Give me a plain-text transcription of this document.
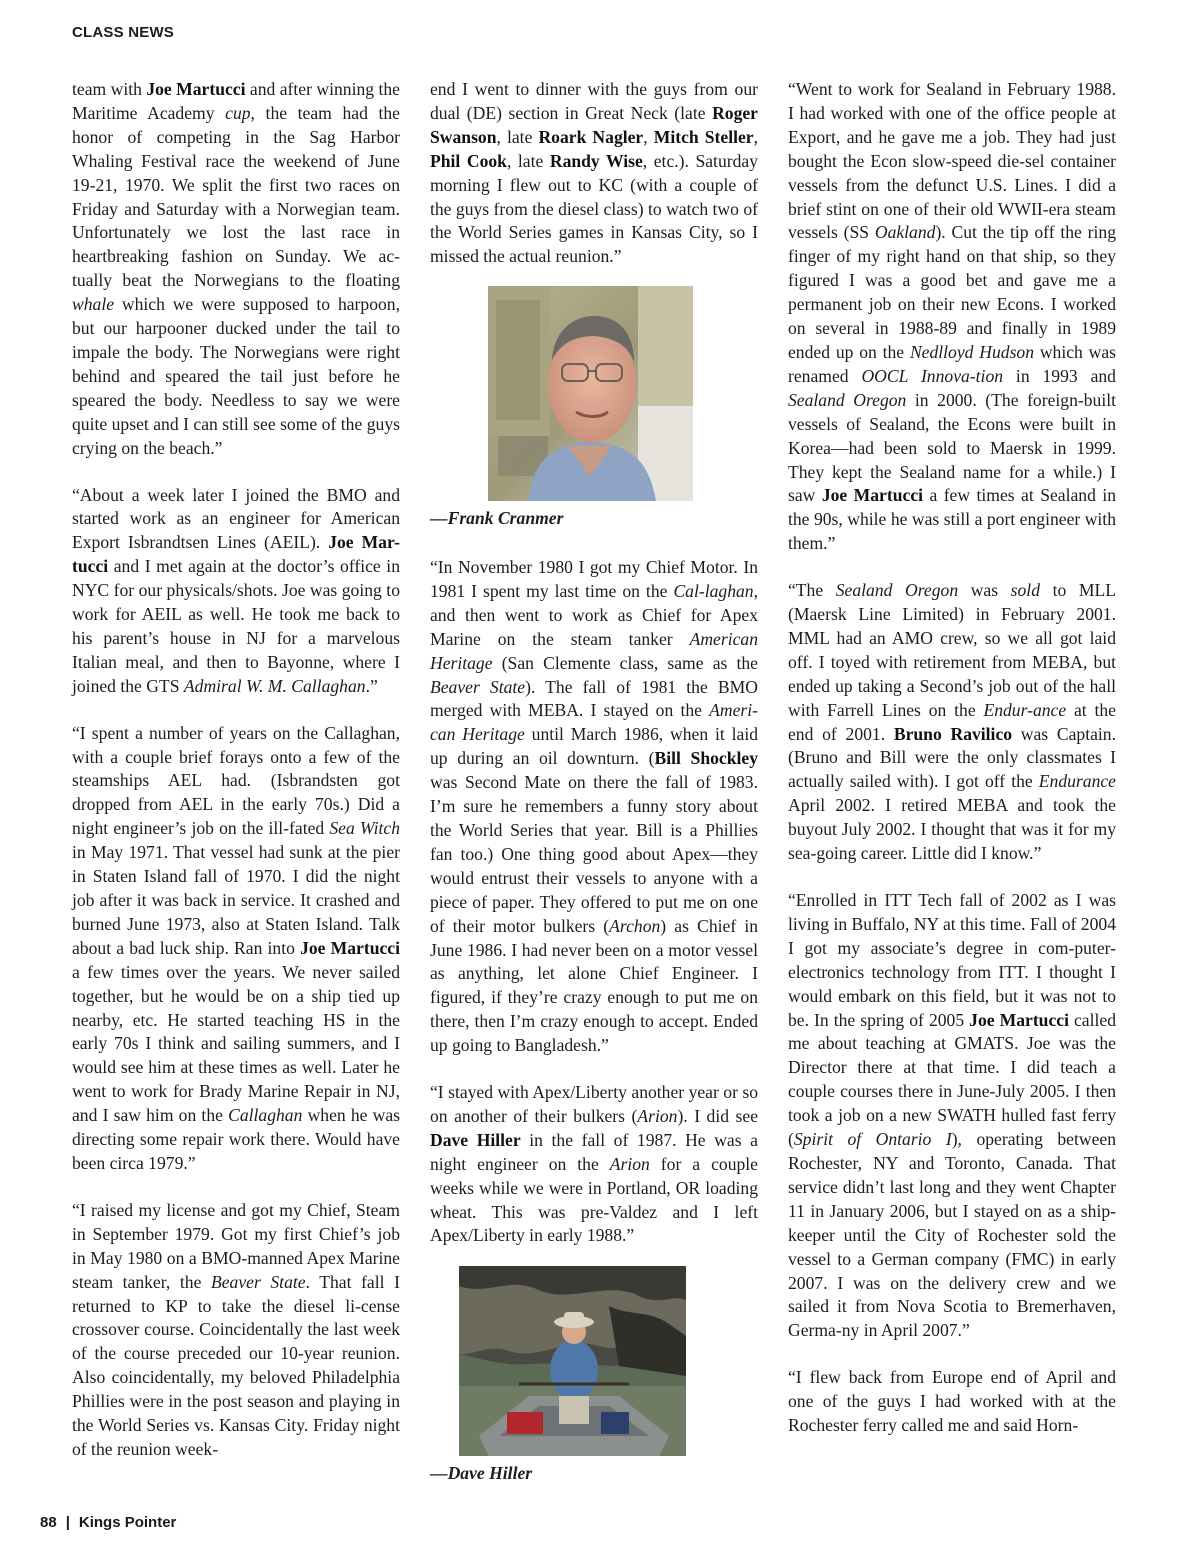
CLASS NEWS

team with Joe Martucci and after winning the Maritime Academy cup, the team had the honor of competing in the Sag Harbor Whaling Festival race the weekend of June 19-21, 1970. We split the first two races on Friday and Saturday with a Norwegian team. Unfortunately we lost the last race in heartbreaking fashion on Sunday. We ac-tually beat the Norwegians to the floating whale which we were supposed to harpoon, but our harpooner ducked under the tail to impale the body. The Norwegians were right behind and speared the tail just before he speared the body. Needless to say we were quite upset and I can still see some of the guys crying on the beach.”

“About a week later I joined the BMO and started work as an engineer for American Export Isbrandtsen Lines (AEIL). Joe Mar-tucci and I met again at the doctor’s office in NYC for our physicals/shots. Joe was going to work for AEIL as well. He took me back to his parent’s house in NJ for a marvelous Italian meal, and then to Bayonne, where I joined the GTS Admiral W. M. Callaghan.”

“I spent a number of years on the Callaghan, with a couple brief forays onto a few of the steamships AEL had. (Isbrandsten got dropped from AEL in the early 70s.) Did a night engineer’s job on the ill-fated Sea Witch in May 1971. That vessel had sunk at the pier in Staten Island fall of 1970. I did the night job after it was back in service. It crashed and burned June 1973, also at Staten Island. Talk about a bad luck ship. Ran into Joe Martucci a few times over the years. We never sailed together, but he would be on a ship tied up nearby, etc. He started teaching HS in the early 70s I think and sailing summers, and I would see him at these times as well. Later he went to work for Brady Marine Repair in NJ, and I saw him on the Callaghan when he was directing some repair work there. Would have been circa 1979.”

“I raised my license and got my Chief, Steam in September 1979. Got my first Chief’s job in May 1980 on a BMO-manned Apex Marine steam tanker, the Beaver State. That fall I returned to KP to take the diesel li-cense crossover course. Coincidentally the last week of the course preceded our 10-year reunion. Also coincidentally, my beloved Philadelphia Phillies were in the post season and playing in the World Series vs. Kansas City. Friday night of the reunion week-

end I went to dinner with the guys from our dual (DE) section in Great Neck (late Roger Swanson, late Roark Nagler, Mitch Steller, Phil Cook, late Randy Wise, etc.). Saturday morning I flew out to KC (with a couple of the guys from the diesel class) to watch two of the World Series games in Kansas City, so I missed the actual reunion.”

—Frank Cranmer

“In November 1980 I got my Chief Motor. In 1981 I spent my last time on the Cal-laghan, and then went to work as Chief for Apex Marine on the steam tanker American Heritage (San Clemente class, same as the Beaver State). The fall of 1981 the BMO merged with MEBA. I stayed on the Ameri-can Heritage until March 1986, when it laid up during an oil downturn. (Bill Shockley was Second Mate on there the fall of 1983. I’m sure he remembers a funny story about the World Series that year. Bill is a Phillies fan too.) One thing good about Apex—they would entrust their vessels to anyone with a piece of paper. They offered to put me on one of their motor bulkers (Archon) as Chief in June 1986. I had never been on a motor vessel as anything, let alone Chief Engineer. I figured, if they’re crazy enough to put me on there, then I’m crazy enough to accept. Ended up going to Bangladesh.”

“I stayed with Apex/Liberty another year or so on another of their bulkers (Arion). I did see Dave Hiller in the fall of 1987. He was a night engineer on the Arion for a couple weeks while we were in Portland, OR loading wheat. This was pre-Valdez and I left Apex/Liberty in early 1988.”

—Dave Hiller

“Went to work for Sealand in February 1988. I had worked with one of the office people at Export, and he gave me a job. They had just bought the Econ slow-speed die-sel container vessels from the defunct U.S. Lines. I did a brief stint on one of their old WWII-era steam vessels (SS Oakland). Cut the tip off the ring finger of my right hand on that ship, so they figured I was a good bet and gave me a permanent job on their new Econs. I worked on several in 1988-89 and finally in 1989 ended up on the Nedlloyd Hudson which was renamed OOCL Innova-tion in 1993 and Sealand Oregon in 2000. (The foreign-built vessels of Sealand, the Econs were built in Korea—had been sold to Maersk in 1999. They kept the Sealand name for a while.) I saw Joe Martucci a few times at Sealand in the 90s, while he was still a port engineer with them.”

“The Sealand Oregon was sold to MLL (Maersk Line Limited) in February 2001. MML had an AMO crew, so we all got laid off. I toyed with retirement from MEBA, but ended up taking a Second’s job out of the hall with Farrell Lines on the Endur-ance at the end of 2001. Bruno Ravilico was Captain. (Bruno and Bill were the only classmates I actually sailed with). I got off the Endurance April 2002. I retired MEBA and took the buyout July 2002. I thought that was it for my sea-going career. Little did I know.”

“Enrolled in ITT Tech fall of 2002 as I was living in Buffalo, NY at this time. Fall of 2004 I got my associate’s degree in com-puter-electronics technology from ITT. I thought I would embark on this field, but it was not to be. In the spring of 2005 Joe Martucci called me about teaching at GMATS. Joe was the Director there at that time. I did teach a couple courses there in June-July 2005. I then took a job on a new SWATH hulled fast ferry (Spirit of Ontario I), operating between Rochester, NY and Toronto, Canada. That service didn’t last long and they went Chapter 11 in January 2006, but I stayed on as a ship-keeper until the City of Rochester sold the vessel to a German company (FMC) in early 2007. I was on the delivery crew and we sailed it from Nova Scotia to Bremerhaven, Germa-ny in April 2007.”

“I flew back from Europe end of April and one of the guys I had worked with at the Rochester ferry called me and said Horn-

88 | Kings Pointer
